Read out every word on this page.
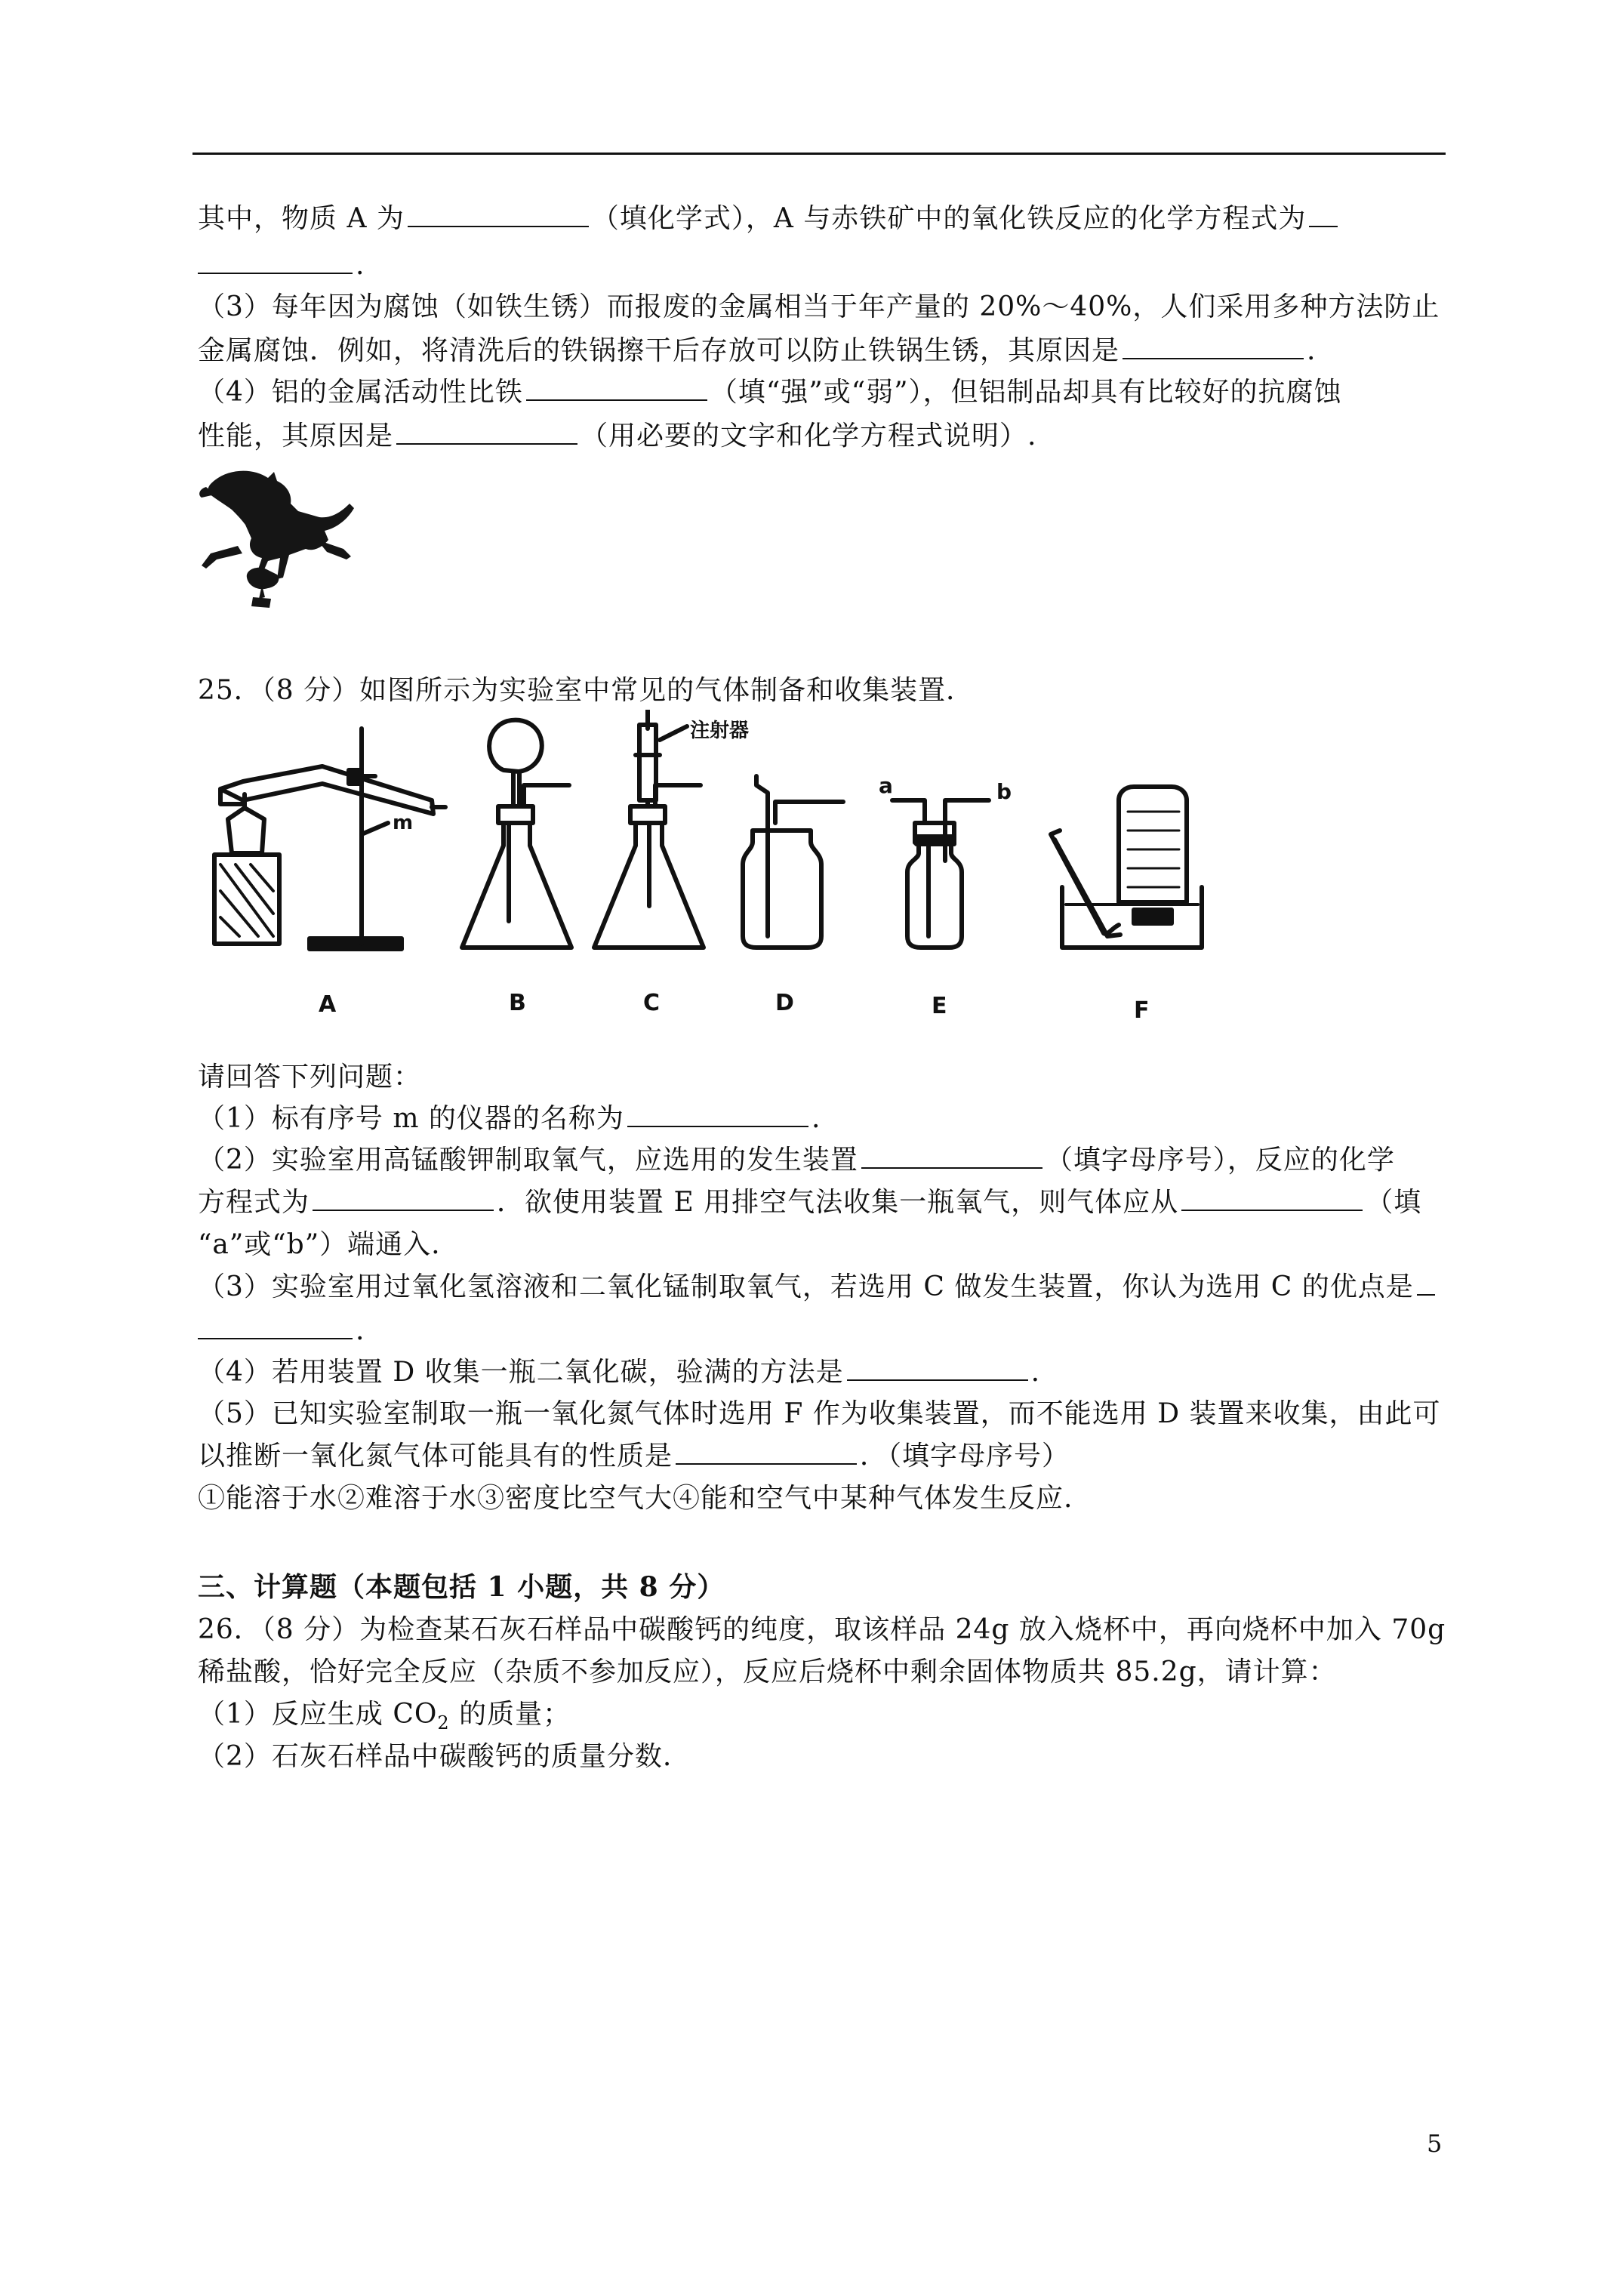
其中，物质 A 为	（填化学式），A 与赤铁矿中的氧化铁反应的化学方程式为
.
（3）每年因为腐蚀（如铁生锈）而报废的金属相当于年产量的 20%～40%，人们采用多种方法防止
金属腐蚀．例如，将清洗后的铁锅擦干后存放可以防止铁锅生锈，其原因是	.
（4）铝的金属活动性比铁	（填“强”或“弱”），但铝制品却具有比较好的抗腐蚀
性能，其原因是	（用必要的文字和化学方程式说明）.
25．（8 分）如图所示为实验室中常见的气体制备和收集装置．
m
注射器
a	b
A	B	C	D	E	F
请回答下列问题：
（1）标有序号 m 的仪器的名称为	.
（2）实验室用高锰酸钾制取氧气，应选用的发生装置	（填字母序号），反应的化学
方程式为	．欲使用装置 E 用排空气法收集一瓶氧气，则气体应从	（填
“a”或“b”）端通入.
（3）实验室用过氧化氢溶液和二氧化锰制取氧气，若选用 C 做发生装置，你认为选用 C 的优点是
.
（4）若用装置 D 收集一瓶二氧化碳，验满的方法是	.
（5）已知实验室制取一瓶一氧化氮气体时选用 F 作为收集装置，而不能选用 D 装置来收集，由此可
以推断一氧化氮气体可能具有的性质是	．（填字母序号）
①能溶于水②难溶于水③密度比空气大④能和空气中某种气体发生反应.
三、计算题（本题包括 1 小题，共 8 分）
26．（8 分）为检查某石灰石样品中碳酸钙的纯度，取该样品 24g 放入烧杯中，再向烧杯中加入 70g
稀盐酸，恰好完全反应（杂质不参加反应），反应后烧杯中剩余固体物质共 85.2g，请计算：
（1）反应生成 $CO_2$ 的质量；
（2）石灰石样品中碳酸钙的质量分数.
5
